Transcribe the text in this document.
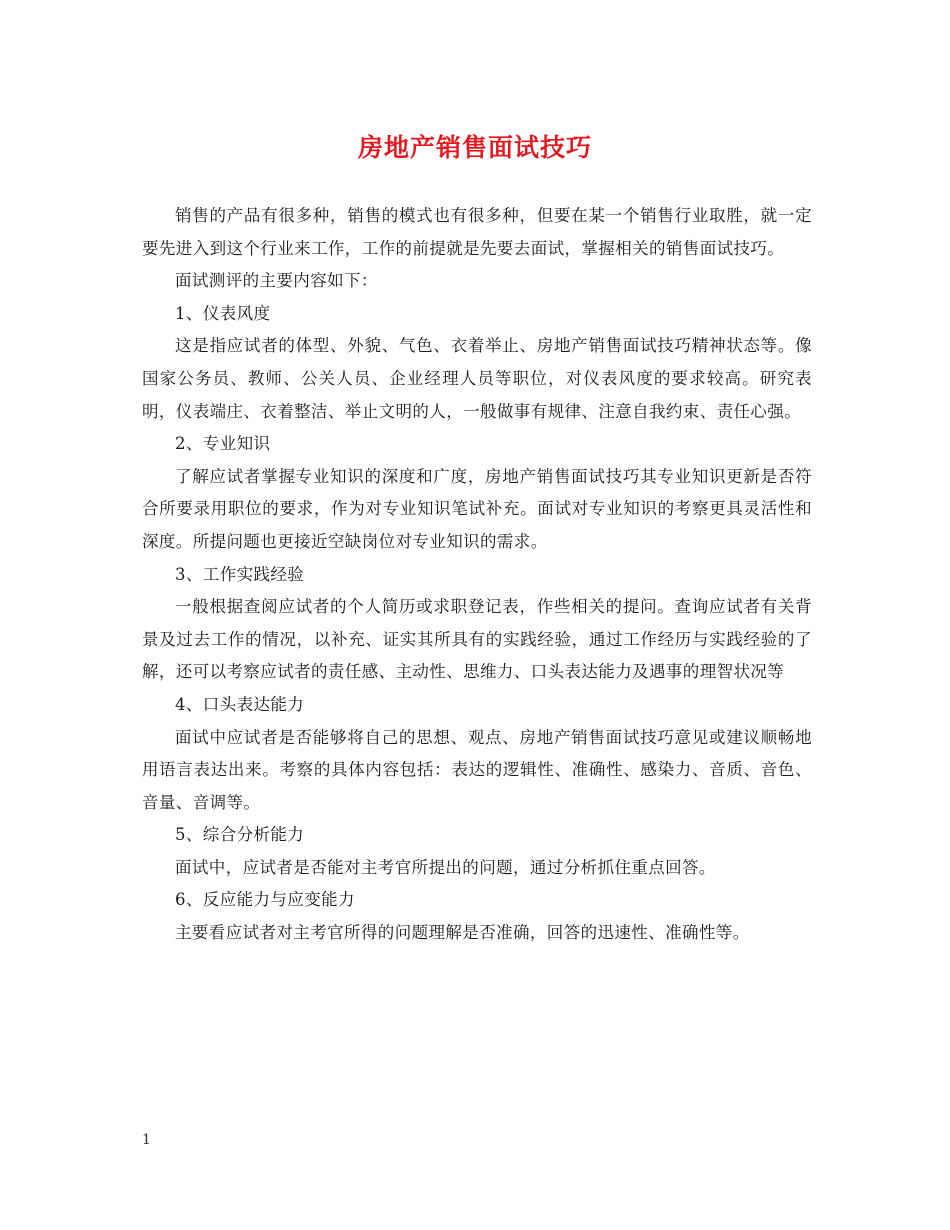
房地产销售面试技巧

销售的产品有很多种，销售的模式也有很多种，但要在某一个销售行业取胜，就一定要先进入到这个行业来工作，工作的前提就是先要去面试，掌握相关的销售面试技巧。

面试测评的主要内容如下：

1、仪表风度

这是指应试者的体型、外貌、气色、衣着举止、房地产销售面试技巧精神状态等。像国家公务员、教师、公关人员、企业经理人员等职位，对仪表风度的要求较高。研究表明，仪表端庄、衣着整洁、举止文明的人，一般做事有规律、注意自我约束、责任心强。

2、专业知识

了解应试者掌握专业知识的深度和广度，房地产销售面试技巧其专业知识更新是否符合所要录用职位的要求，作为对专业知识笔试补充。面试对专业知识的考察更具灵活性和深度。所提问题也更接近空缺岗位对专业知识的需求。

3、工作实践经验

一般根据查阅应试者的个人简历或求职登记表，作些相关的提问。查询应试者有关背景及过去工作的情况，以补充、证实其所具有的实践经验，通过工作经历与实践经验的了解，还可以考察应试者的责任感、主动性、思维力、口头表达能力及遇事的理智状况等

4、口头表达能力

面试中应试者是否能够将自己的思想、观点、房地产销售面试技巧意见或建议顺畅地用语言表达出来。考察的具体内容包括：表达的逻辑性、准确性、感染力、音质、音色、音量、音调等。

5、综合分析能力

面试中，应试者是否能对主考官所提出的问题，通过分析抓住重点回答。

6、反应能力与应变能力

主要看应试者对主考官所得的问题理解是否准确，回答的迅速性、准确性等。

1
